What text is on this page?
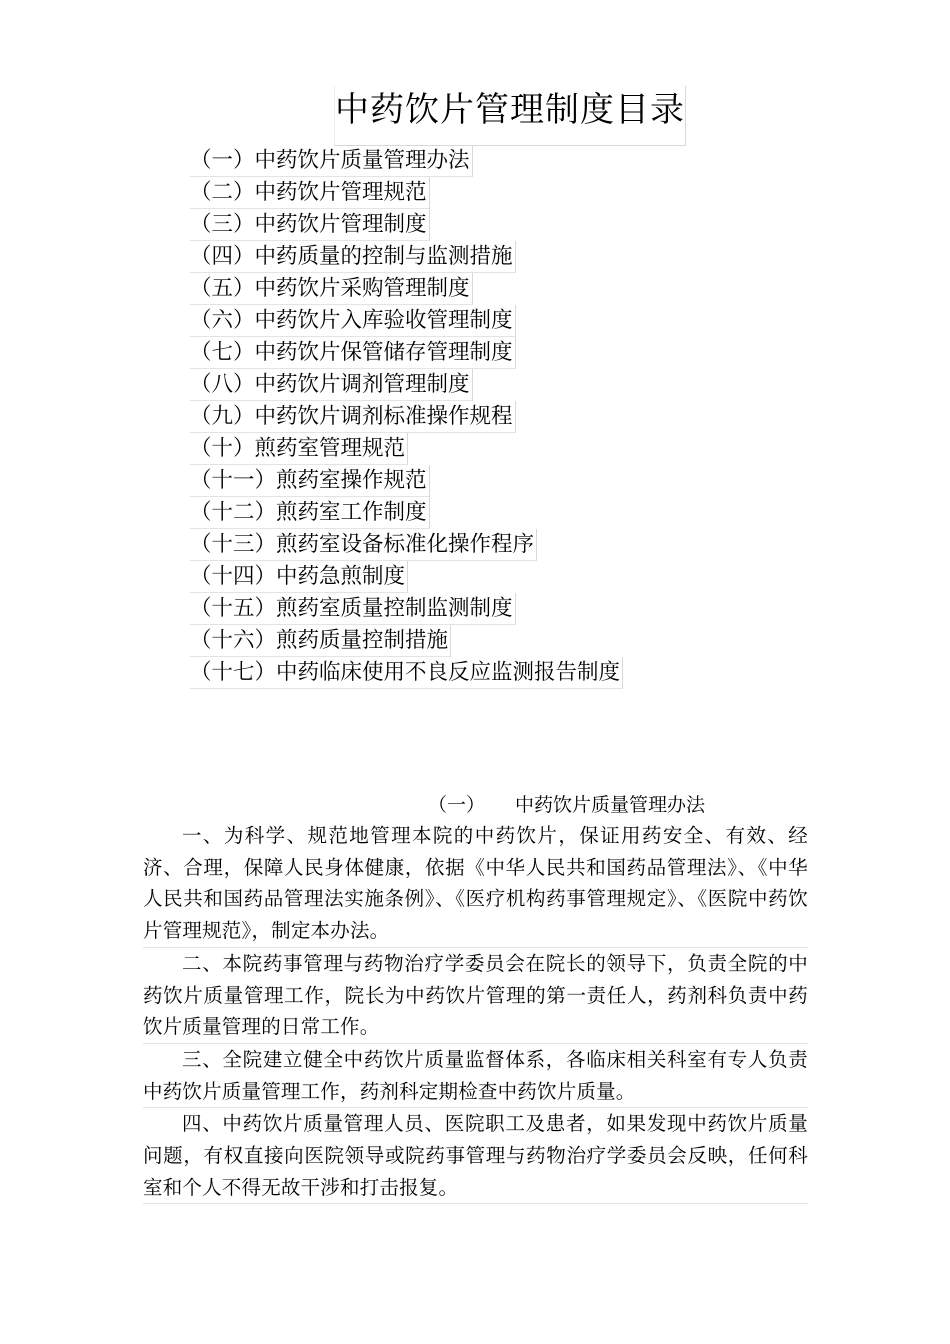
中药饮片管理制度目录
（一）中药饮片质量管理办法
（二）中药饮片管理规范
（三）中药饮片管理制度
（四）中药质量的控制与监测措施
（五）中药饮片采购管理制度
（六）中药饮片入库验收管理制度
（七）中药饮片保管储存管理制度
（八）中药饮片调剂管理制度
（九）中药饮片调剂标准操作规程
（十）煎药室管理规范
（十一）煎药室操作规范
（十二）煎药室工作制度
（十三）煎药室设备标准化操作程序
（十四）中药急煎制度
（十五）煎药室质量控制监测制度
（十六）煎药质量控制措施
（十七）中药临床使用不良反应监测报告制度
（一） 中药饮片质量管理办法

一、为科学、规范地管理本院的中药饮片，保证用药安全、有效、经济、合理，保障人民身体健康，依据《中华人民共和国药品管理法》、《中华人民共和国药品管理法实施条例》、《医疗机构药事管理规定》、《医院中药饮片管理规范》，制定本办法。

二、本院药事管理与药物治疗学委员会在院长的领导下，负责全院的中药饮片质量管理工作，院长为中药饮片管理的第一责任人，药剂科负责中药饮片质量管理的日常工作。

三、全院建立健全中药饮片质量监督体系，各临床相关科室有专人负责中药饮片质量管理工作，药剂科定期检查中药饮片质量。

四、中药饮片质量管理人员、医院职工及患者，如果发现中药饮片质量问题，有权直接向医院领导或院药事管理与药物治疗学委员会反映，任何科室和个人不得无故干涉和打击报复。
